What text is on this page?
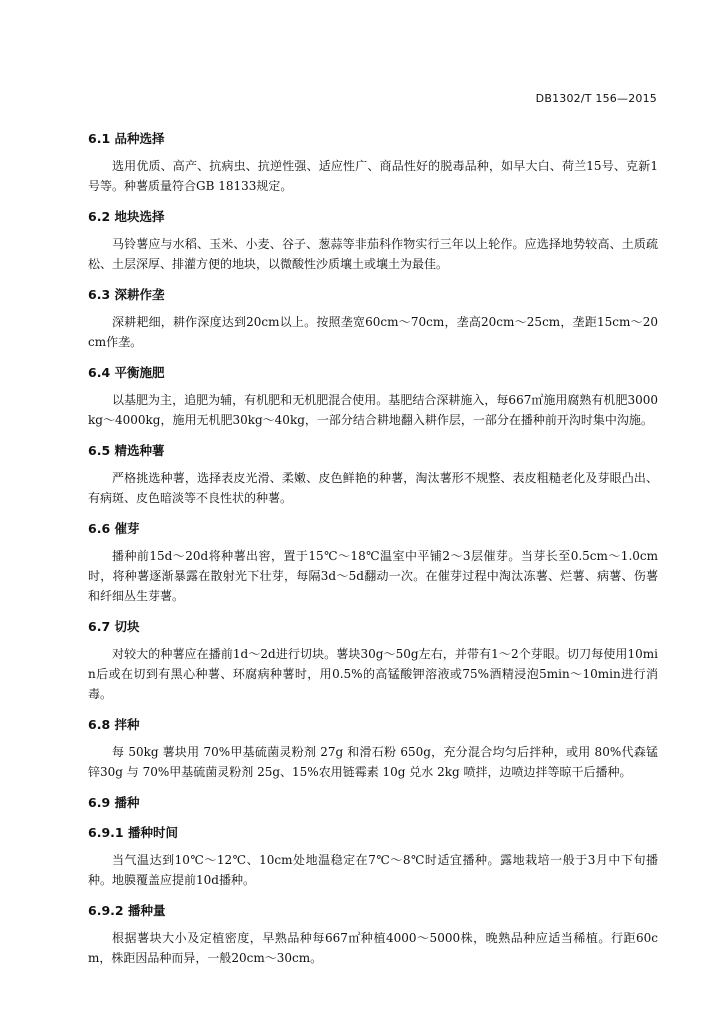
DB1302/T 156—2015
6.1 品种选择

选用优质、高产、抗病虫、抗逆性强、适应性广、商品性好的脱毒品种，如早大白、荷兰15号、克新1号等。种薯质量符合GB 18133规定。

6.2 地块选择

马铃薯应与水稻、玉米、小麦、谷子、葱蒜等非茄科作物实行三年以上轮作。应选择地势较高、土质疏松、土层深厚、排灌方便的地块，以微酸性沙质壤土或壤土为最佳。

6.3 深耕作垄

深耕耙细，耕作深度达到20cm以上。按照垄宽60cm～70cm，垄高20cm～25cm，垄距15cm～20cm作垄。

6.4 平衡施肥

以基肥为主，追肥为辅，有机肥和无机肥混合使用。基肥结合深耕施入，每667㎡施用腐熟有机肥3000kg～4000kg，施用无机肥30kg～40kg，一部分结合耕地翻入耕作层，一部分在播种前开沟时集中沟施。

6.5 精选种薯

严格挑选种薯，选择表皮光滑、柔嫩、皮色鲜艳的种薯，淘汰薯形不规整、表皮粗糙老化及芽眼凸出、有病斑、皮色暗淡等不良性状的种薯。

6.6 催芽

播种前15d～20d将种薯出窖，置于15℃～18℃温室中平铺2～3层催芽。当芽长至0.5cm～1.0cm时，将种薯逐渐暴露在散射光下壮芽，每隔3d～5d翻动一次。在催芽过程中淘汰冻薯、烂薯、病薯、伤薯和纤细丛生芽薯。

6.7 切块

对较大的种薯应在播前1d～2d进行切块。薯块30g～50g左右，并带有1～2个芽眼。切刀每使用10min后或在切到有黑心种薯、环腐病种薯时，用0.5%的高锰酸钾溶液或75%酒精浸泡5min～10min进行消毒。

6.8 拌种

每 50kg 薯块用 70%甲基硫菌灵粉剂 27g 和滑石粉 650g，充分混合均匀后拌种，或用 80%代森锰锌30g 与 70%甲基硫菌灵粉剂 25g、15%农用链霉素 10g 兑水 2kg 喷拌，边喷边拌等晾干后播种。

6.9 播种
6.9.1 播种时间

当气温达到10℃～12℃、10cm处地温稳定在7℃～8℃时适宜播种。露地栽培一般于3月中下旬播种。地膜覆盖应提前10d播种。

6.9.2 播种量

根据薯块大小及定植密度，早熟品种每667㎡种植4000～5000株，晚熟品种应适当稀植。行距60cm，株距因品种而异，一般20cm～30cm。
